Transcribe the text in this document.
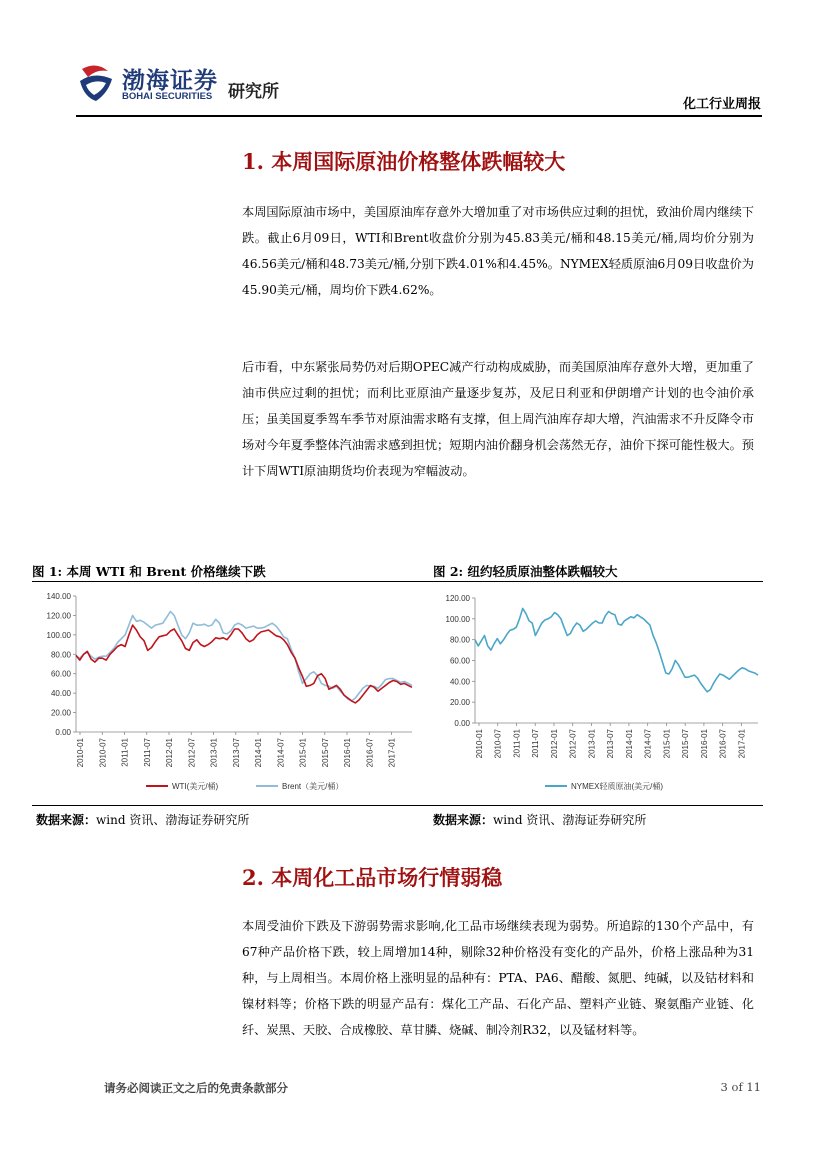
渤海证券
BOHAI SECURITIES 研究所
化工行业周报
1. 本周国际原油价格整体跌幅较大
本周国际原油市场中，美国原油库存意外大增加重了对市场供应过剩的担忧，致油价周内继续下跌。截止6月09日，WTI和Brent收盘价分别为45.83美元/桶和48.15美元/桶,周均价分别为46.56美元/桶和48.73美元/桶,分别下跌4.01%和4.45%。NYMEX轻质原油6月09日收盘价为45.90美元/桶，周均价下跌4.62%。
后市看，中东紧张局势仍对后期OPEC减产行动构成威胁，而美国原油库存意外大增，更加重了油市供应过剩的担忧；而利比亚原油产量逐步复苏，及尼日利亚和伊朗增产计划的也令油价承压；虽美国夏季驾车季节对原油需求略有支撑，但上周汽油库存却大增，汽油需求不升反降令市场对今年夏季整体汽油需求感到担忧；短期内油价翻身机会荡然无存，油价下探可能性极大。预计下周WTI原油期货均价表现为窄幅波动。
图 1: 本周 WTI 和 Brent 价格继续下跌	图 2: 纽约轻质原油整体跌幅较大
0.00
20.00
40.00
60.00
80.00
100.00
120.00
140.00
2010-01 2010-07 2011-01 2011-07 2012-01 2012-07 2013-01 2013-07 2014-01 2014-07 2015-01 2015-07 2016-01 2016-07 2017-01
WTI(美元/桶)	Brent（美元/桶）
0.00
20.00
40.00
60.00
80.00
100.00
120.00
2010-01 2010-07 2011-01 2011-07 2012-01 2012-07 2013-01 2013-07 2014-01 2014-07 2015-01 2015-07 2016-01 2016-07 2017-01
NYMEX轻质原油(美元/桶)
数据来源：wind 资讯、渤海证券研究所	数据来源：wind 资讯、渤海证券研究所
2. 本周化工品市场行情弱稳
本周受油价下跌及下游弱势需求影响,化工品市场继续表现为弱势。所追踪的130个产品中，有67种产品价格下跌，较上周增加14种，剔除32种价格没有变化的产品外，价格上涨品种为31种，与上周相当。本周价格上涨明显的品种有：PTA、PA6、醋酸、氮肥、纯碱，以及钴材料和镍材料等；价格下跌的明显产品有：煤化工产品、石化产品、塑料产业链、聚氨酯产业链、化纤、炭黑、天胶、合成橡胶、草甘膦、烧碱、制冷剂R32，以及锰材料等。
请务必阅读正文之后的免责条款部分	3 of 11
